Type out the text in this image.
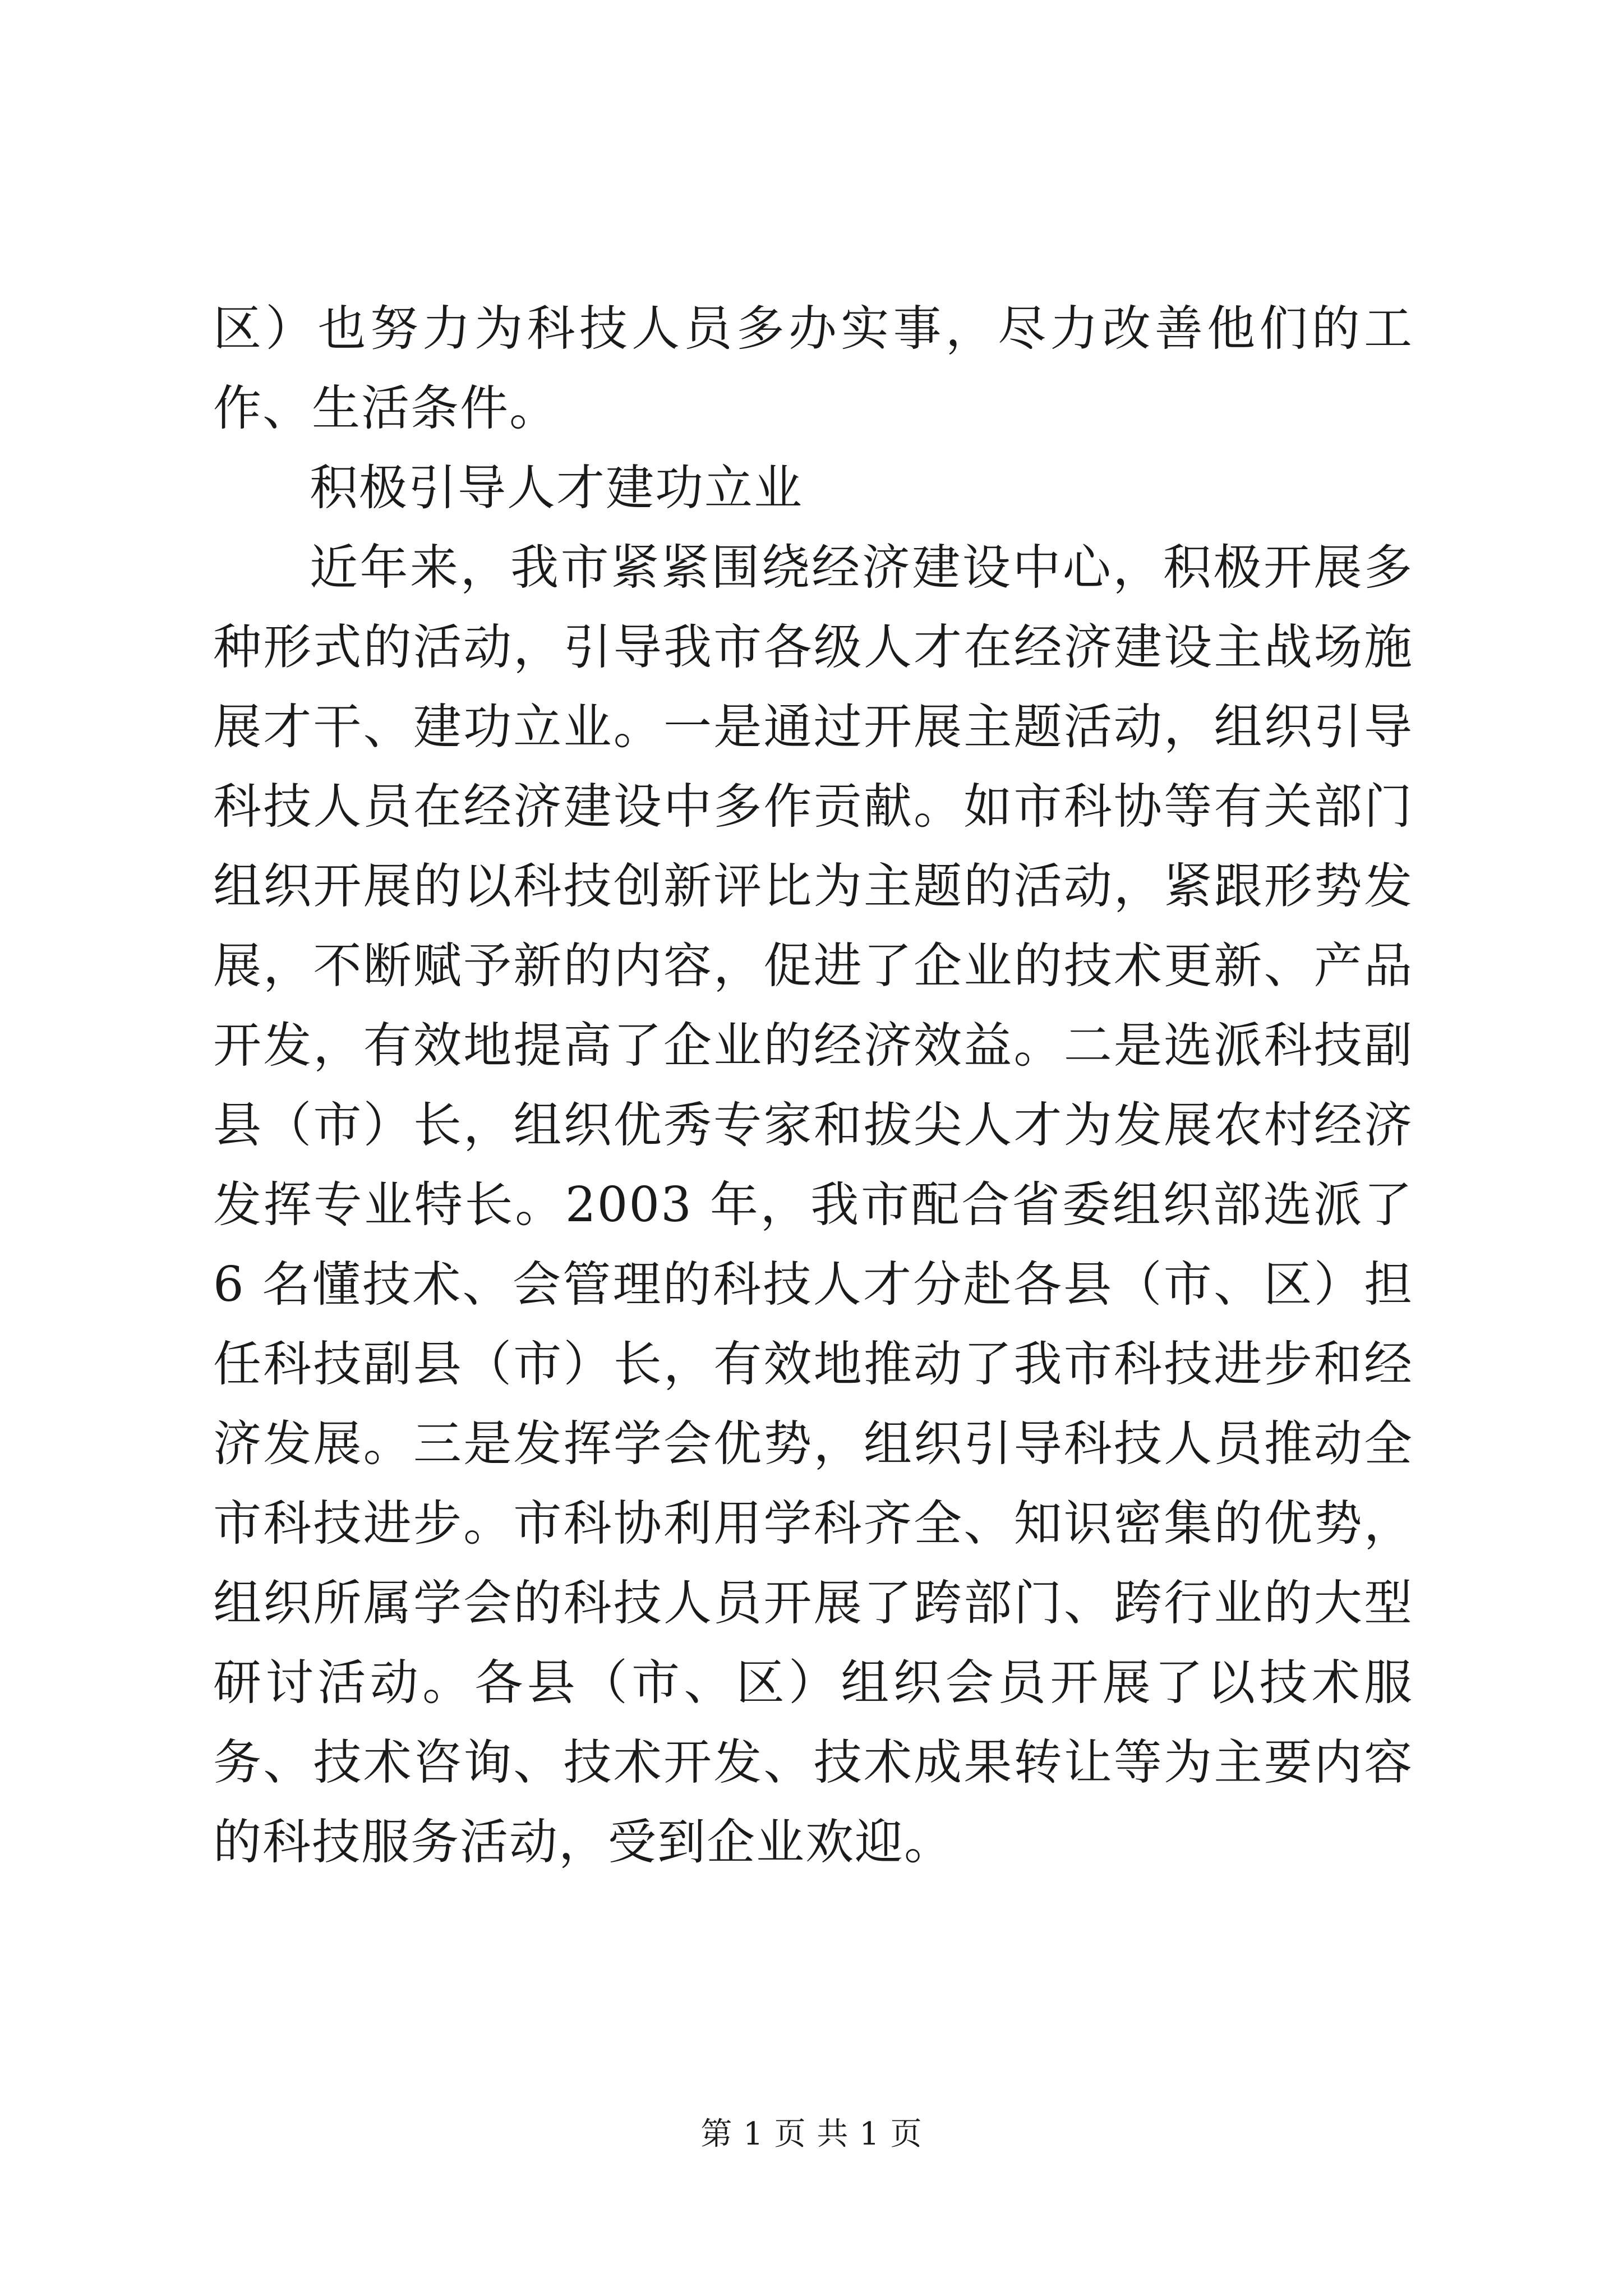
区）也努力为科技人员多办实事，尽力改善他们的工作、生活条件。

积极引导人才建功立业

近年来，我市紧紧围绕经济建设中心，积极开展多种形式的活动，引导我市各级人才在经济建设主战场施展才干、建功立业。一是通过开展主题活动，组织引导科技人员在经济建设中多作贡献。如市科协等有关部门组织开展的以科技创新评比为主题的活动，紧跟形势发展，不断赋予新的内容，促进了企业的技术更新、产品开发，有效地提高了企业的经济效益。二是选派科技副县（市）长，组织优秀专家和拔尖人才为发展农村经济发挥专业特长。2003 年，我市配合省委组织部选派了 6 名懂技术、会管理的科技人才分赴各县（市、区）担任科技副县（市）长，有效地推动了我市科技进步和经济发展。三是发挥学会优势，组织引导科技人员推动全市科技进步。市科协利用学科齐全、知识密集的优势，组织所属学会的科技人员开展了跨部门、跨行业的大型研讨活动。各县（市、区）组织会员开展了以技术服务、技术咨询、技术开发、技术成果转让等为主要内容的科技服务活动，受到企业欢迎。

第 1 页 共 1 页
